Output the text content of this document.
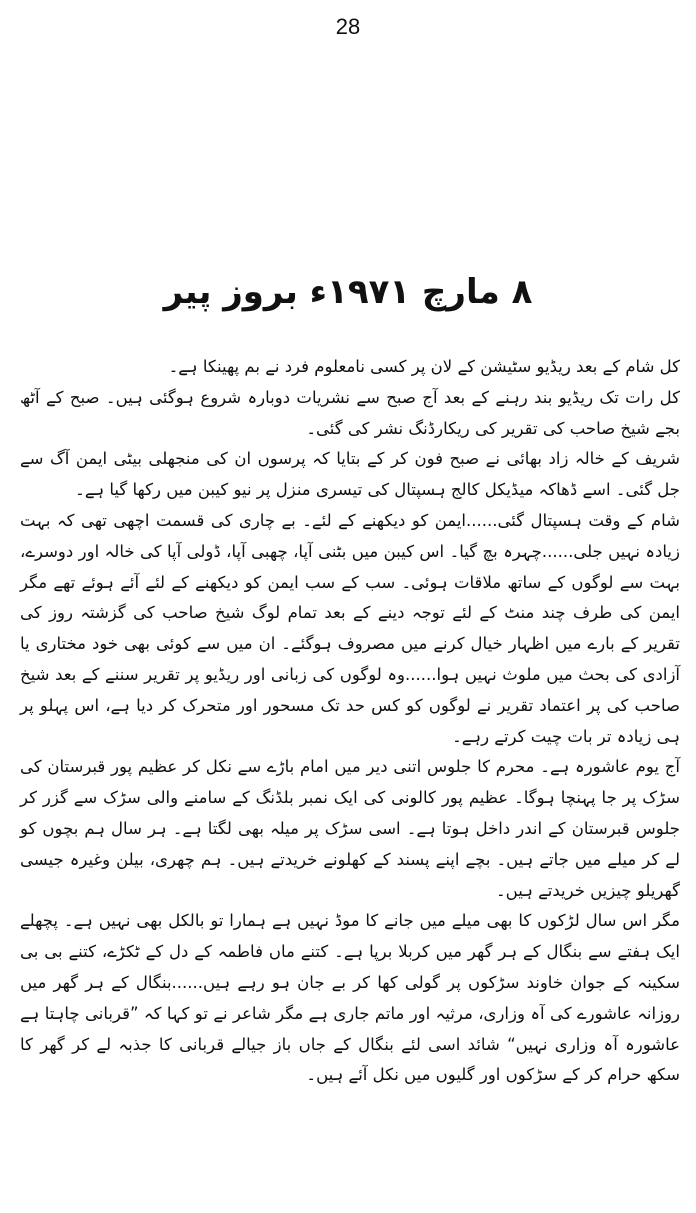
28
۸ مارچ ۱۹۷۱ء بروز پیر

کل شام کے بعد ریڈیو سٹیشن کے لان پر کسی نامعلوم فرد نے بم پھینکا ہے۔

کل رات تک ریڈیو بند رہنے کے بعد آج صبح سے نشریات دوبارہ شروع ہوگئی ہیں۔ صبح کے آٹھ بجے شیخ صاحب کی تقریر کی ریکارڈنگ نشر کی گئی۔

شریف کے خالہ زاد بھائی نے صبح فون کر کے بتایا کہ پرسوں ان کی منجھلی بیٹی ایمن آگ سے جل گئی۔ اسے ڈھاکہ میڈیکل کالج ہسپتال کی تیسری منزل پر نیو کیبن میں رکھا گیا ہے۔

شام کے وقت ہسپتال گئی......ایمن کو دیکھنے کے لئے۔ بے چاری کی قسمت اچھی تھی کہ بہت زیادہ نہیں جلی......چہرہ بچ گیا۔ اس کیبن میں بٹنی آپا، چھبی آپا، ڈولی آپا کی خالہ اور دوسرے، بہت سے لوگوں کے ساتھ ملاقات ہوئی۔ سب کے سب ایمن کو دیکھنے کے لئے آئے ہوئے تھے مگر ایمن کی طرف چند منٹ کے لئے توجہ دینے کے بعد تمام لوگ شیخ صاحب کی گزشتہ روز کی تقریر کے بارے میں اظہار خیال کرنے میں مصروف ہوگئے۔ ان میں سے کوئی بھی خود مختاری یا آزادی کی بحث میں ملوث نہیں ہوا......وہ لوگوں کی زبانی اور ریڈیو پر تقریر سننے کے بعد شیخ صاحب کی پر اعتماد تقریر نے لوگوں کو کس حد تک مسحور اور متحرک کر دیا ہے، اس پہلو پر ہی زیادہ تر بات چیت کرتے رہے۔

آج یوم عاشورہ ہے۔ محرم کا جلوس اتنی دیر میں امام باڑے سے نکل کر عظیم پور قبرستان کی سڑک پر جا پہنچا ہوگا۔ عظیم پور کالونی کی ایک نمبر بلڈنگ کے سامنے والی سڑک سے گزر کر جلوس قبرستان کے اندر داخل ہوتا ہے۔ اسی سڑک پر میلہ بھی لگتا ہے۔ ہر سال ہم بچوں کو لے کر میلے میں جاتے ہیں۔ بچے اپنے پسند کے کھلونے خریدتے ہیں۔ ہم چھری، بیلن وغیرہ جیسی گھریلو چیزیں خریدتے ہیں۔

مگر اس سال لڑکوں کا بھی میلے میں جانے کا موڈ نہیں ہے ہمارا تو بالکل بھی نہیں ہے۔ پچھلے ایک ہفتے سے بنگال کے ہر گھر میں کربلا برپا ہے۔ کتنے ماں فاطمہ کے دل کے ٹکڑے، کتنے بی بی سکینہ کے جوان خاوند سڑکوں پر گولی کھا کر بے جان ہو رہے ہیں......بنگال کے ہر گھر میں روزانہ عاشورے کی آہ وزاری، مرثیہ اور ماتم جاری ہے مگر شاعر نے تو کہا کہ ”قربانی چاہتا ہے عاشورہ آہ وزاری نہیں“ شائد اسی لئے بنگال کے جاں باز جیالے قربانی کا جذبہ لے کر گھر کا سکھ حرام کر کے سڑکوں اور گلیوں میں نکل آئے ہیں۔
